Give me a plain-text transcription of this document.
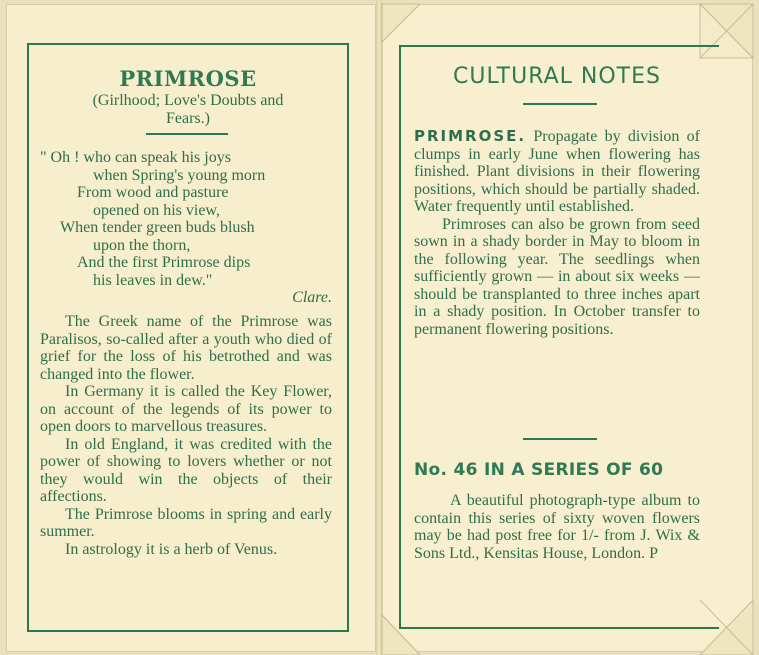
PRIMROSE
(Girlhood; Love's Doubts and
Fears.)
" Oh ! who can speak his joys
when Spring's young morn
From wood and pasture
opened on his view,
When tender green buds blush
upon the thorn,
And the first Primrose dips
his leaves in dew."
Clare.

The Greek name of the Primrose was Paralisos, so-called after a youth who died of grief for the loss of his betrothed and was changed into the flower.

In Germany it is called the Key Flower, on account of the legends of its power to open doors to marvellous treasures.

In old England, it was credited with the power of showing to lovers whether or not they would win the objects of their affections.

The Primrose blooms in spring and early summer.

In astrology it is a herb of Venus.

CULTURAL NOTES

PRIMROSE. Propagate by division of clumps in early June when flowering has finished. Plant divisions in their flowering positions, which should be partially shaded. Water frequently until established.

Primroses can also be grown from seed sown in a shady border in May to bloom in the following year. The seedlings when sufficiently grown — in about six weeks — should be transplanted to three inches apart in a shady position. In October transfer to permanent flowering positions.

No. 46 IN A SERIES OF 60

A beautiful photograph-type album to contain this series of sixty woven flowers may be had post free for 1/- from J. Wix & Sons Ltd., Kensitas House, London. P
